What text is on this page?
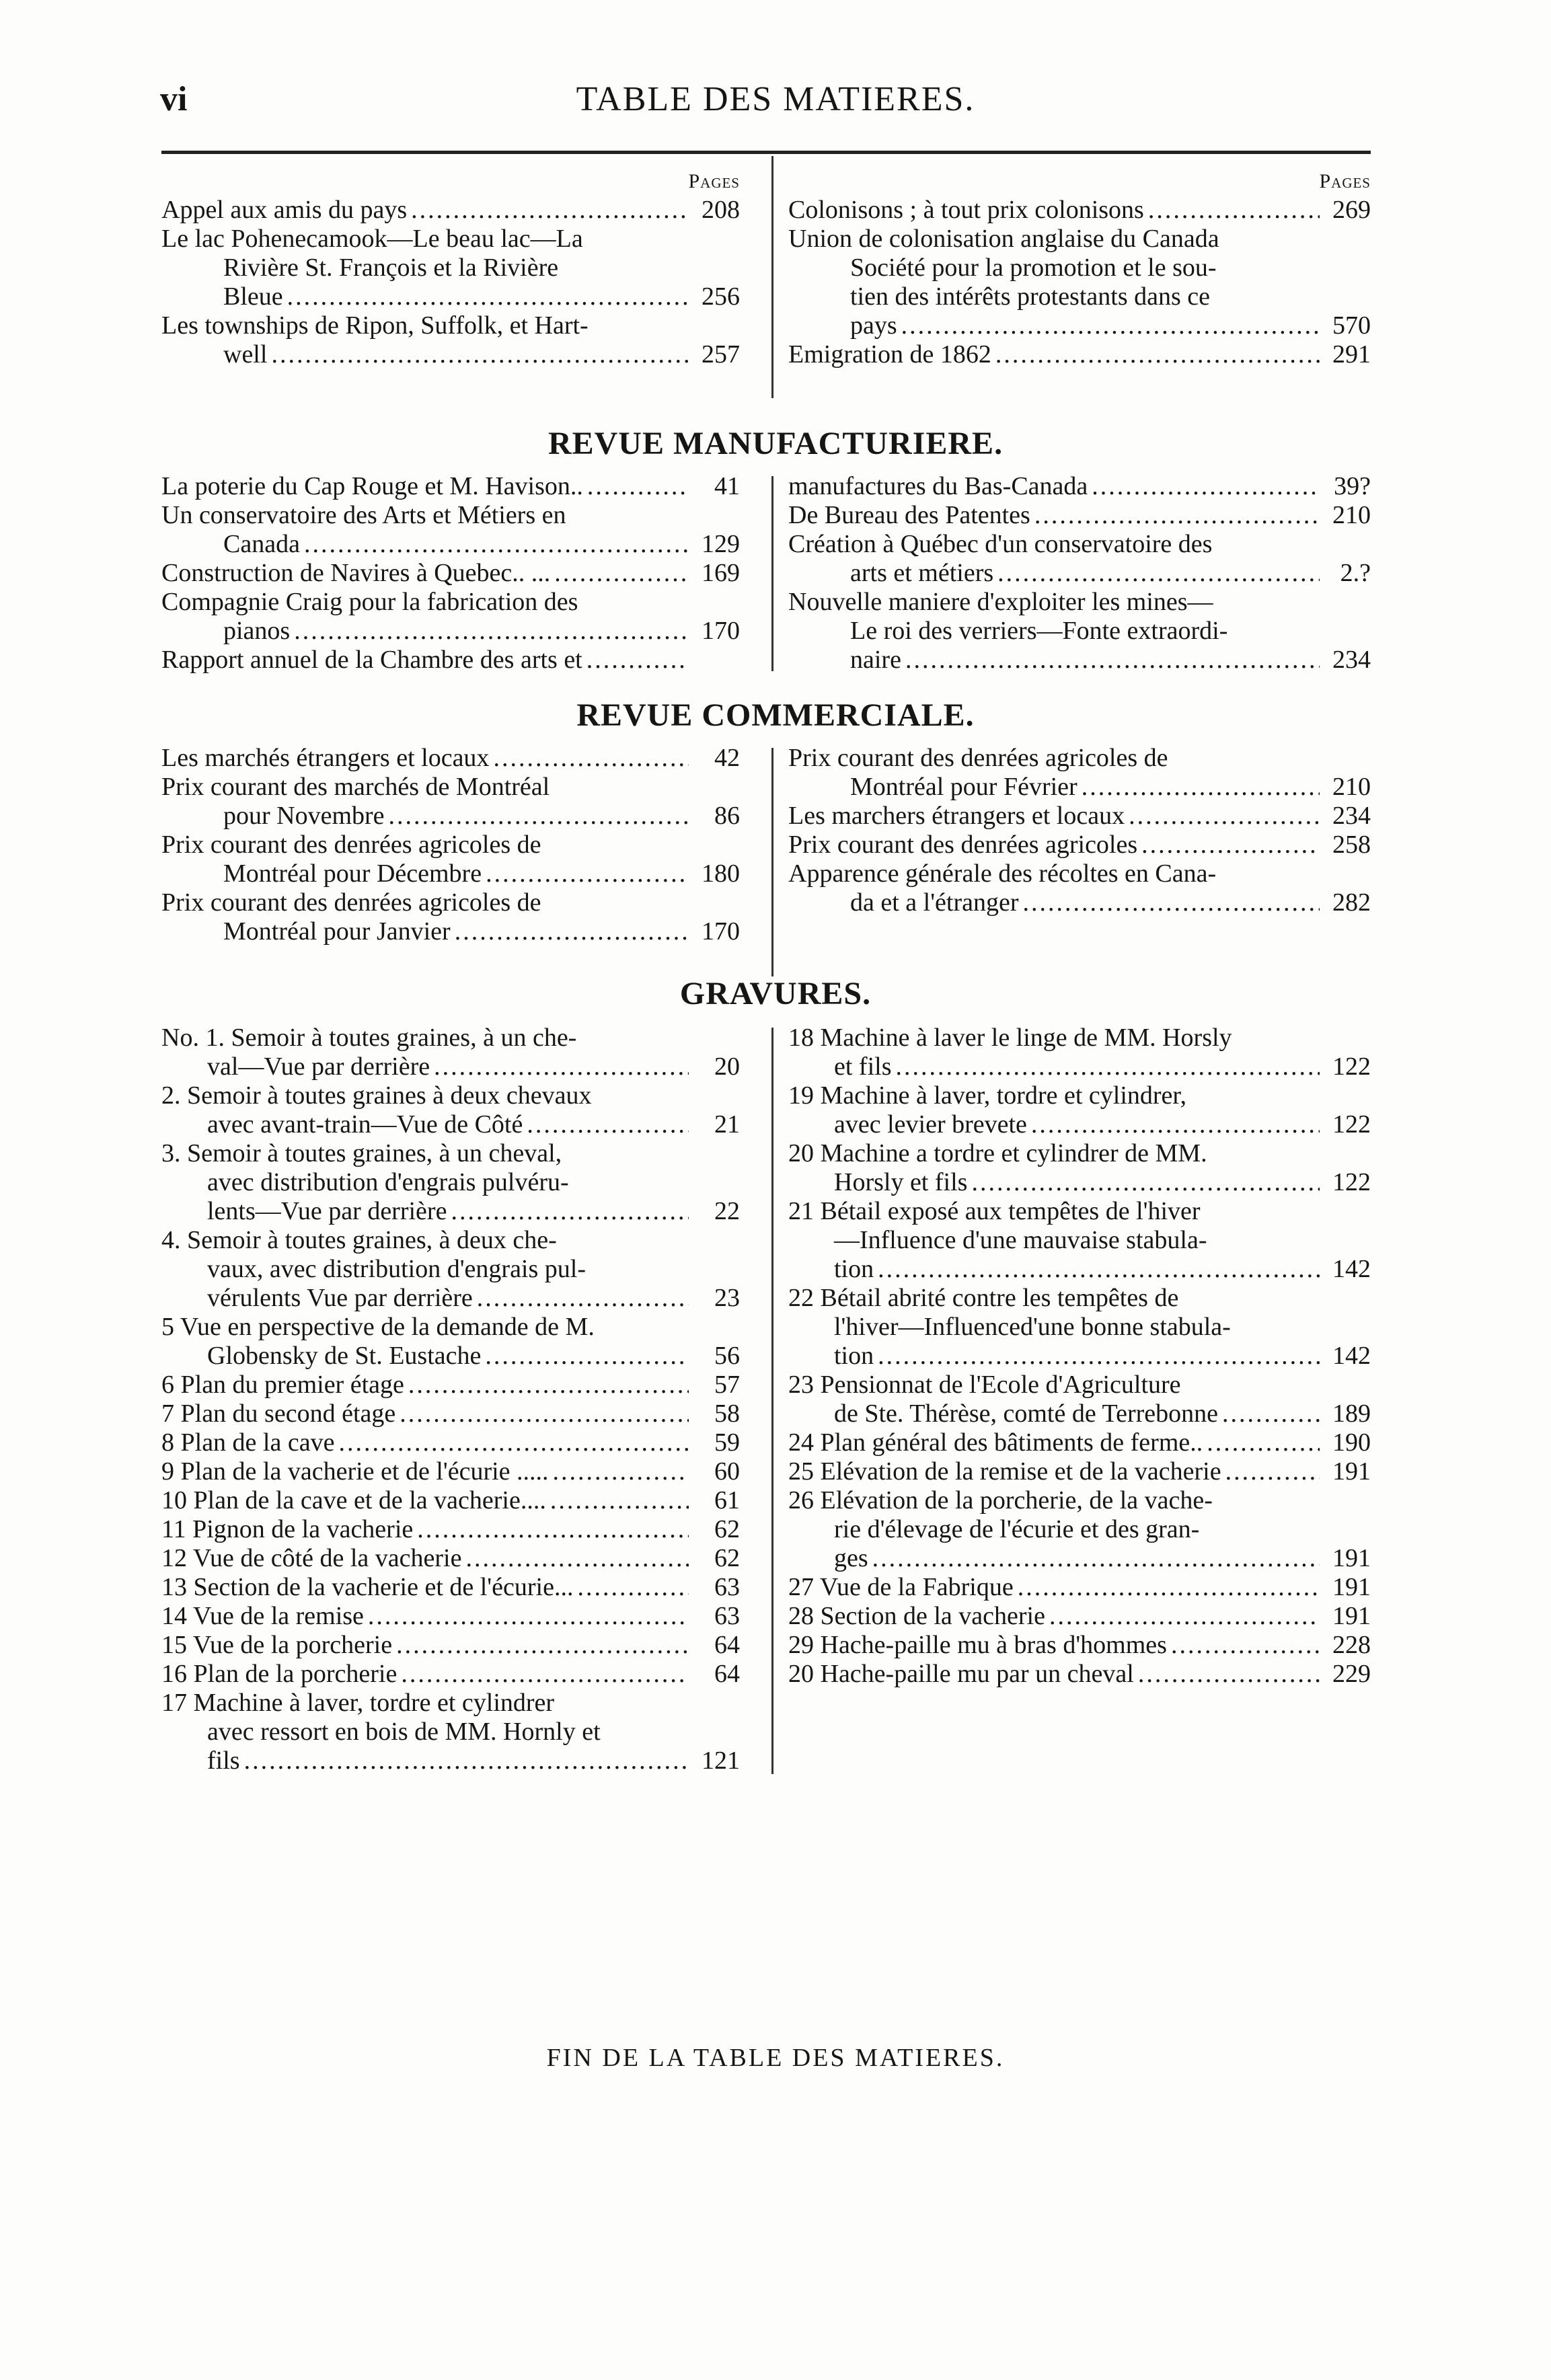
vi	TABLE DES MATIERES.
Pages
Appel aux amis du pays .....	208
Le lac Pohenecamook—Le beau lac—La
Rivière St. François et la Rivière
Bleue .....	256
Les townships de Ripon, Suffolk, et Hart-
well .....	257
Pages
Colonisons ; à tout prix colonisons .....	269
Union de colonisation anglaise du Canada
Société pour la promotion et le sou-
tien des intérêts protestants dans ce
pays .....	570
Emigration de 1862 .....	291
REVUE MANUFACTURIERE.
La poterie du Cap Rouge et M. Havison.. .....	41
Un conservatoire des Arts et Métiers en
Canada .....	129
Construction de Navires à Quebec.. ... .....	169
Compagnie Craig pour la fabrication des
pianos .....	170
Rapport annuel de la Chambre des arts et
.....
manufactures du Bas-Canada .....	39?
De Bureau des Patentes .....	210
Création à Québec d'un conservatoire des
arts et métiers .....	2.?
Nouvelle maniere d'exploiter les mines—
Le roi des verriers—Fonte extraordi-
naire .....	234
REVUE COMMERCIALE.
Les marchés étrangers et locaux .....	42
Prix courant des marchés de Montréal
pour Novembre .....	86
Prix courant des denrées agricoles de
Montréal pour Décembre .....	180
Prix courant des denrées agricoles de
Montréal pour Janvier .....	170
Prix courant des denrées agricoles de
Montréal pour Février .....	210
Les marchers étrangers et locaux .....	234
Prix courant des denrées agricoles .....	258
Apparence générale des récoltes en Cana-
da et a l'étranger .....	282
GRAVURES.
No. 1. Semoir à toutes graines, à un che-
val—Vue par derrière .....	20
2. Semoir à toutes graines à deux chevaux
avec avant-train—Vue de Côté .....	21
3. Semoir à toutes graines, à un cheval,
avec distribution d'engrais pulvéru-
lents—Vue par derrière .....	22
4. Semoir à toutes graines, à deux che-
vaux, avec distribution d'engrais pul-
vérulents Vue par derrière .....	23
5 Vue en perspective de la demande de M.
Globensky de St. Eustache .....	56
6 Plan du premier étage .....	57
7 Plan du second étage .....	58
8 Plan de la cave .....	59
9 Plan de la vacherie et de l'écurie ..... .....	60
10 Plan de la cave et de la vacherie.... .....	61
11 Pignon de la vacherie .....	62
12 Vue de côté de la vacherie .....	62
13 Section de la vacherie et de l'écurie... .....	63
14 Vue de la remise .....	63
15 Vue de la porcherie .....	64
16 Plan de la porcherie .....	64
17 Machine à laver, tordre et cylindrer
avec ressort en bois de MM. Hornly et
fils .....	121
18 Machine à laver le linge de MM. Horsly
et fils .....	122
19 Machine à laver, tordre et cylindrer,
avec levier brevete .....	122
20 Machine a tordre et cylindrer de MM.
Horsly et fils .....	122
21 Bétail exposé aux tempêtes de l'hiver
—Influence d'une mauvaise stabula-
tion .....	142
22 Bétail abrité contre les tempêtes de
l'hiver—Influenced'une bonne stabula-
tion .....	142
23 Pensionnat de l'Ecole d'Agriculture
de Ste. Thérèse, comté de Terrebonne .....	189
24 Plan général des bâtiments de ferme.. .....	190
25 Elévation de la remise et de la vacherie .....	191
26 Elévation de la porcherie, de la vache-
rie d'élevage de l'écurie et des gran-
ges .....	191
27 Vue de la Fabrique .....	191
28 Section de la vacherie .....	191
29 Hache-paille mu à bras d'hommes .....	228
20 Hache-paille mu par un cheval .....	229
FIN DE LA TABLE DES MATIERES.
